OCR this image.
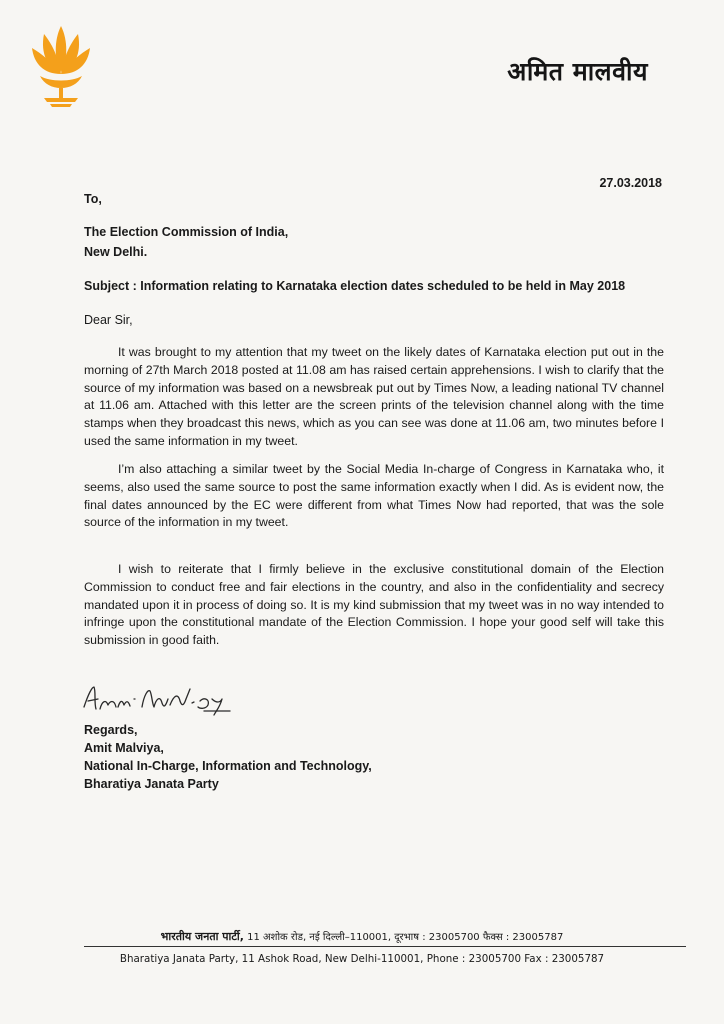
अमित मालवीय
27.03.2018
To,
The Election Commission of India,
New Delhi.
Subject : Information relating to Karnataka election dates scheduled to be held in May 2018
Dear Sir,

It was brought to my attention that my tweet on the likely dates of Karnataka election put out in the morning of 27th March 2018 posted at 11.08 am has raised certain apprehensions. I wish to clarify that the source of my information was based on a newsbreak put out by Times Now, a leading national TV channel at 11.06 am. Attached with this letter are the screen prints of the television channel along with the time stamps when they broadcast this news, which as you can see was done at 11.06 am, two minutes before I used the same information in my tweet.

I’m also attaching a similar tweet by the Social Media In-charge of Congress in Karnataka who, it seems, also used the same source to post the same information exactly when I did. As is evident now, the final dates announced by the EC were different from what Times Now had reported, that was the sole source of the information in my tweet.

I wish to reiterate that I firmly believe in the exclusive constitutional domain of the Election Commission to conduct free and fair elections in the country, and also in the confidentiality and secrecy mandated upon it in process of doing so. It is my kind submission that my tweet was in no way intended to infringe upon the constitutional mandate of the Election Commission. I hope your good self will take this submission in good faith.

Regards,
Amit Malviya,
National In-Charge, Information and Technology,
Bharatiya Janata Party
भारतीय जनता पार्टी, 11 अशोक रोड, नई दिल्ली–110001, दूरभाष : 23005700 फैक्स : 23005787
Bharatiya Janata Party, 11 Ashok Road, New Delhi-110001, Phone : 23005700 Fax : 23005787
